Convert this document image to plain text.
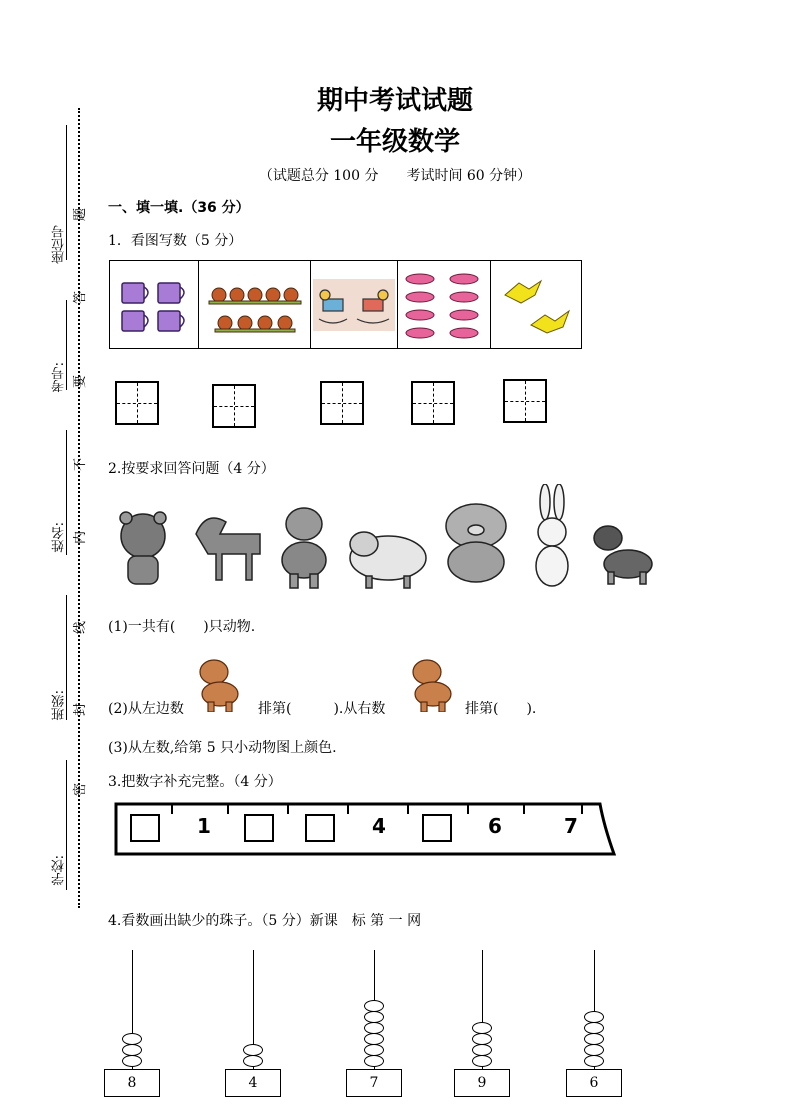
座位号
考号:
姓名:
班级:
学校:
题
答
要
不
内
线
封
密
期中考试试题
一年级数学
（试题总分 100 分　　考试时间 60 分钟）
一、填一填.（36 分）
1．看图写数（5 分）
2.按要求回答问题（4 分）
(1)一共有(　　)只动物.
(2)从左边数	排第(　　　).从右数	排第(　　).
(3)从左数,给第 5 只小动物图上颜色.
3.把数字补充完整。（4 分）
1	4	6	7
4.看数画出缺少的珠子。（5 分）新课　标 第 一 网
8	4	7	9	6
